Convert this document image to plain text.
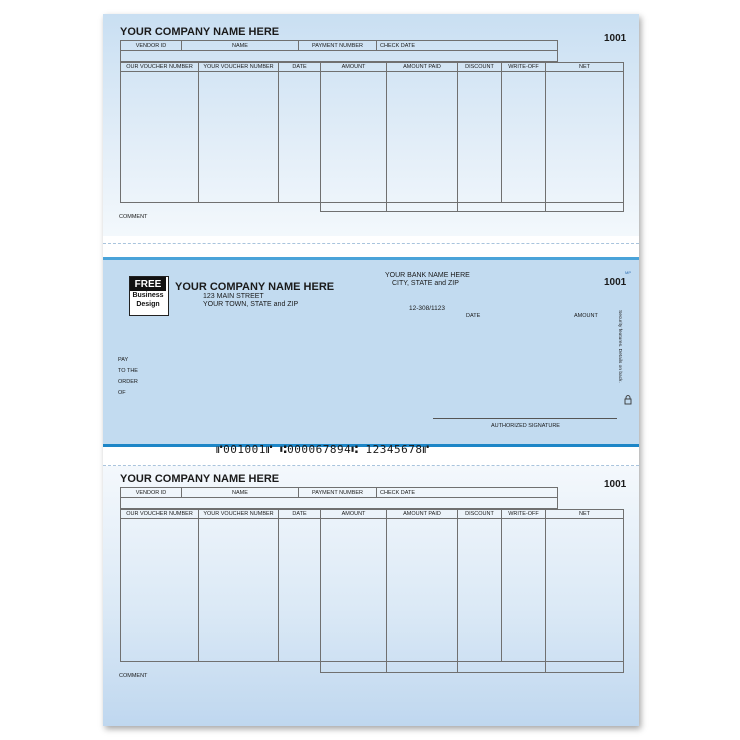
YOUR COMPANY NAME HERE
1001
VENDOR ID	NAME	PAYMENT NUMBER	CHECK DATE
OUR VOUCHER NUMBER	YOUR VOUCHER NUMBER	DATE	AMOUNT	AMOUNT PAID	DISCOUNT	WRITE-OFF	NET
COMMENT
FREE
Business
Design
YOUR COMPANY NAME HERE
123 MAIN STREET
YOUR TOWN, STATE and ZIP
YOUR BANK NAME HERE
CITY, STATE and ZIP
12-308/1123
MP
1001
DATE	AMOUNT
PAY
TO THE
ORDER
OF
AUTHORIZED SIGNATURE
Security features. Details on back.
⑈001001⑈ ⑆000067894⑆ 12345678⑈
YOUR COMPANY NAME HERE	1001
VENDOR ID	NAME	PAYMENT NUMBER	CHECK DATE
OUR VOUCHER NUMBER	YOUR VOUCHER NUMBER	DATE	AMOUNT	AMOUNT PAID	DISCOUNT	WRITE-OFF	NET
COMMENT
